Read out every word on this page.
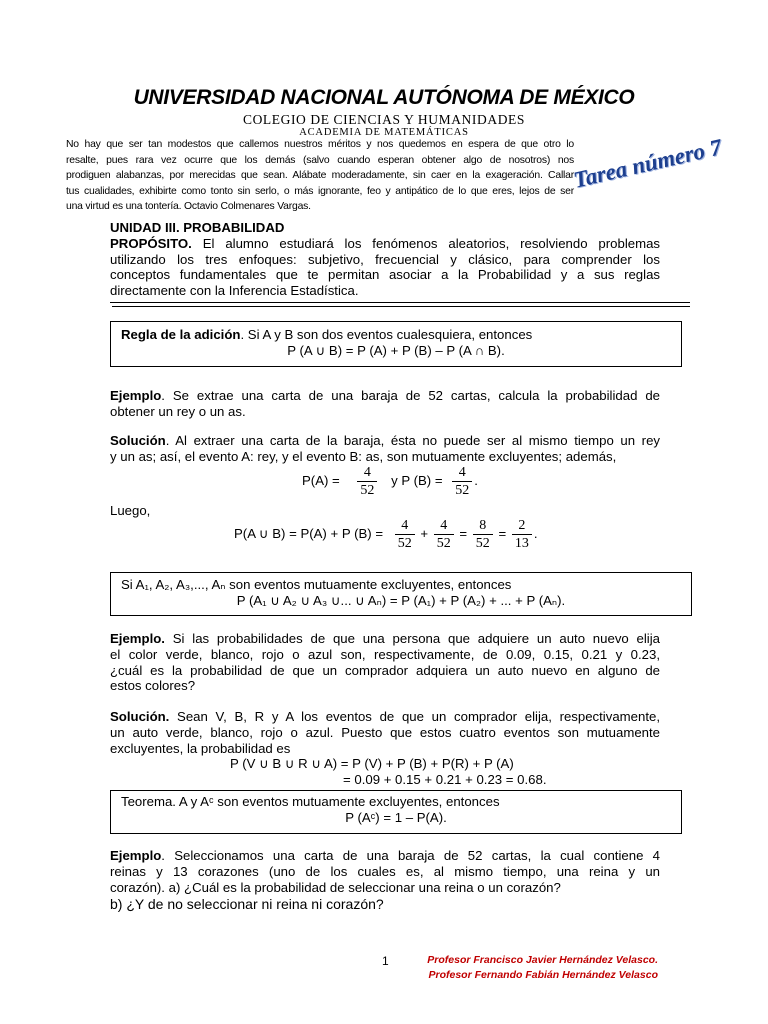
UNIVERSIDAD NACIONAL AUTÓNOMA DE MÉXICO
COLEGIO DE CIENCIAS Y HUMANIDADES
ACADEMIA DE MATEMÁTICAS
No hay que ser tan modestos que callemos nuestros méritos y nos quedemos en espera de que otro lo
resalte, pues rara vez ocurre que los demás (salvo cuando esperan obtener algo de nosotros) nos
prodiguen alabanzas, por merecidas que sean. Alábate moderadamente, sin caer en la exageración. Callar
tus cualidades, exhibirte como tonto sin serlo, o más ignorante, feo y antipático de lo que eres, lejos de ser
una virtud es una tontería. Octavio Colmenares Vargas.
Tarea número 7
UNIDAD III. PROBABILIDAD
PROPÓSITO. El alumno estudiará los fenómenos aleatorios, resolviendo problemas
utilizando los tres enfoques: subjetivo, frecuencial y clásico, para comprender los
conceptos fundamentales que te permitan asociar a la Probabilidad y a sus reglas
directamente con la Inferencia Estadística.
Regla de la adición. Si A y B son dos eventos cualesquiera, entonces
P (A ∪ B) = P (A) + P (B) – P (A ∩ B).
Ejemplo. Se extrae una carta de una baraja de 52 cartas, calcula la probabilidad de
obtener un rey o un as.
Solución. Al extraer una carta de la baraja, ésta no puede ser al mismo tiempo un rey
y un as; así, el evento A: rey, y el evento B: as, son mutuamente excluyentes; además,
$P(A) = \frac{4}{52}$ y P $(B) = \frac{4}{52}$ .
Luego,
P(A ∪ B) = P(A) + P $(B) = \frac{4}{52} + \frac{4}{52} = \frac{8}{52} = \frac{2}{13}$ .
Si A₁, A₂, A₃,..., Aₙ son eventos mutuamente excluyentes, entonces
P (A₁ ∪ A₂ ∪ A₃ ∪... ∪ Aₙ) = P (A₁) + P (A₂) + ... + P (Aₙ).
Ejemplo. Si las probabilidades de que una persona que adquiere un auto nuevo elija
el color verde, blanco, rojo o azul son, respectivamente, de 0.09, 0.15, 0.21 y 0.23,
¿cuál es la probabilidad de que un comprador adquiera un auto nuevo en alguno de
estos colores?
Solución. Sean V, B, R y A los eventos de que un comprador elija, respectivamente,
un auto verde, blanco, rojo o azul. Puesto que estos cuatro eventos son mutuamente
excluyentes, la probabilidad es
P (V ∪ B ∪ R ∪ A) = P (V) + P (B) + P(R) + P (A)
= 0.09 + 0.15 + 0.21 + 0.23 = 0.68.
Teorema. A y Aᶜ son eventos mutuamente excluyentes, entonces
P (Aᶜ) = 1 – P(A).
Ejemplo. Seleccionamos una carta de una baraja de 52 cartas, la cual contiene 4
reinas y 13 corazones (uno de los cuales es, al mismo tiempo, una reina y un
corazón). a) ¿Cuál es la probabilidad de seleccionar una reina o un corazón?
b) ¿Y de no seleccionar ni reina ni corazón?
1	Profesor Francisco Javier Hernández Velasco.
Profesor Fernando Fabián Hernández Velasco
